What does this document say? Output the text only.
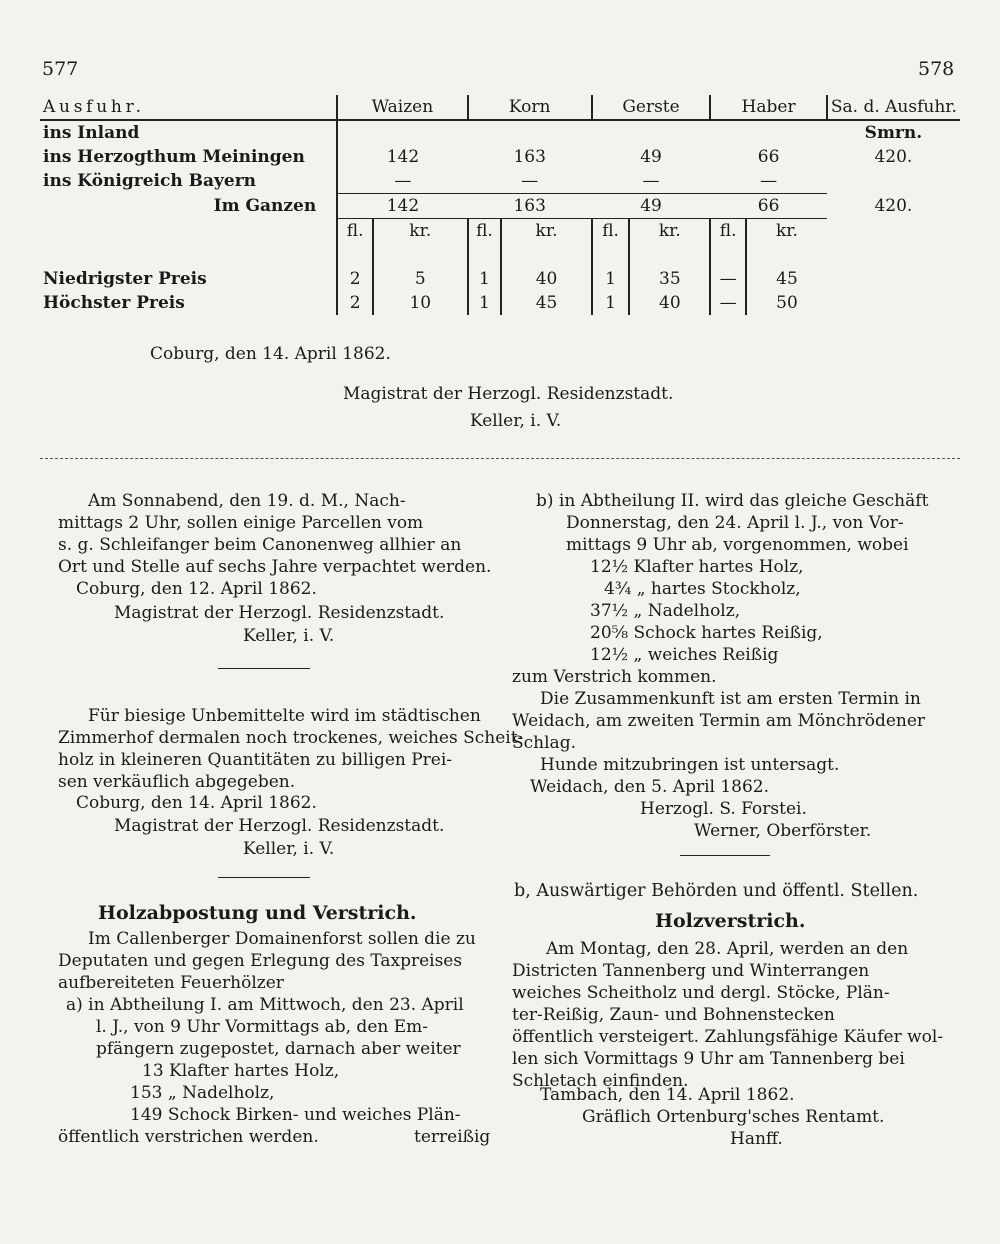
577	578
Ausfuhr.	Waizen		Korn		Gerste		Haber		Sa. d. Ausfuhr.
ins Inland									Smrn.
ins Herzogthum Meiningen	142		163		49		66		420.
ins Königreich Bayern	—		—		—		—		
Im Ganzen	142		163		49		66		420.
	fl.	kr.	fl.	kr.	fl.	kr.	fl.	kr.	

Niedrigster Preis	2	5	1	40	1	35	—	45	
Höchster Preis	2	10	1	45	1	40	—	50	
Coburg, den 14. April 1862.
Magistrat der Herzogl. Residenzstadt.
Keller, i. V.
Am Sonnabend, den 19. d. M., Nach-
mittags 2 Uhr, sollen einige Parcellen vom
s. g. Schleifanger beim Canonenweg allhier an
Ort und Stelle auf sechs Jahre verpachtet werden.
Coburg, den 12. April 1862.
Magistrat der Herzogl. Residenzstadt.
Keller, i. V.
Für biesige Unbemittelte wird im städtischen
Zimmerhof dermalen noch trockenes, weiches Scheit-
holz in kleineren Quantitäten zu billigen Prei-
sen verkäuflich abgegeben.
Coburg, den 14. April 1862.
Magistrat der Herzogl. Residenzstadt.
Keller, i. V.
Holzabpostung und Verstrich.
Im Callenberger Domainenforst sollen die zu
Deputaten und gegen Erlegung des Taxpreises
aufbereiteten Feuerhölzer
a) in Abtheilung I. am Mittwoch, den 23. April
l. J., von 9 Uhr Vormittags ab, den Em-
pfängern zugepostet, darnach aber weiter
13 Klafter hartes Holz,
153 „ Nadelholz,
149 Schock Birken- und weiches Plän-
terreißig
öffentlich verstrichen werden.
b) in Abtheilung II. wird das gleiche Geschäft
Donnerstag, den 24. April l. J., von Vor-
mittags 9 Uhr ab, vorgenommen, wobei
12½ Klafter hartes Holz,
4¾ „ hartes Stockholz,
37½ „ Nadelholz,
20⅝ Schock hartes Reißig,
12½ „ weiches Reißig
zum Verstrich kommen.
Die Zusammenkunft ist am ersten Termin in
Weidach, am zweiten Termin am Mönchrödener
Schlag.
Hunde mitzubringen ist untersagt.
Weidach, den 5. April 1862.
Herzogl. S. Forstei.
Werner, Oberförster.
b, Auswärtiger Behörden und öffentl. Stellen.
Holzverstrich.
Am Montag, den 28. April, werden an den
Districten Tannenberg und Winterrangen
weiches Scheitholz und dergl. Stöcke, Plän-
ter-Reißig, Zaun- und Bohnenstecken
öffentlich versteigert. Zahlungsfähige Käufer wol-
len sich Vormittags 9 Uhr am Tannenberg bei
Schletach einfinden.
Tambach, den 14. April 1862.
Gräflich Ortenburg'sches Rentamt.
Hanff.
